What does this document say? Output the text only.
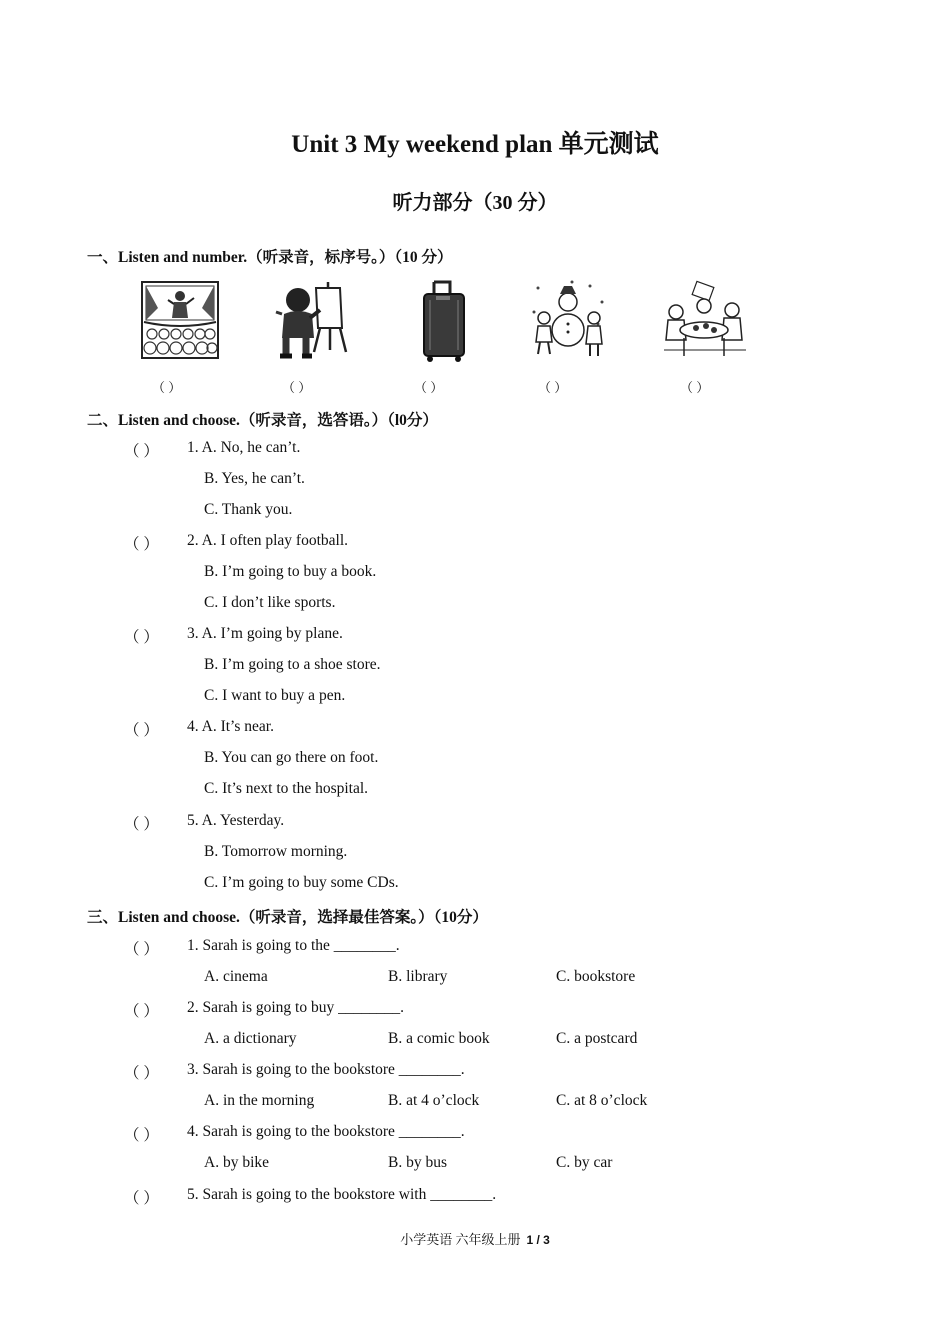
Unit 3 My weekend plan 单元测试
听力部分（30 分）
一、Listen and number.（听录音，标序号。）（10 分）
（ ）	（ ）	（ ）	（ ）	（ ）
二、Listen and choose.（听录音，选答语。）（l0分）
（ ） 1. A. No, he can’t.
B. Yes, he can’t.
C. Thank you.
（ ） 2. A. I often play football.
B. I’m going to buy a book.
C. I don’t like sports.
（ ） 3. A. I’m going by plane.
B. I’m going to a shoe store.
C. I want to buy a pen.
（ ） 4. A. It’s near.
B. You can go there on foot.
C. It’s next to the hospital.
（ ） 5. A. Yesterday.
B. Tomorrow morning.
C. I’m going to buy some CDs.
三、Listen and choose.（听录音，选择最佳答案。）（10分）
（ ） 1. Sarah is going to the ________.
A. cinema	B. library	C. bookstore
（ ） 2. Sarah is going to buy ________.
A. a dictionary	B. a comic book	C. a postcard
（ ） 3. Sarah is going to the bookstore ________.
A. in the morning	B. at 4 o’clock	C. at 8 o’clock
（ ） 4. Sarah is going to the bookstore ________.
A. by bike	B. by bus	C. by car
（ ） 5. Sarah is going to the bookstore with ________.
小学英语 六年级上册 1 / 3
